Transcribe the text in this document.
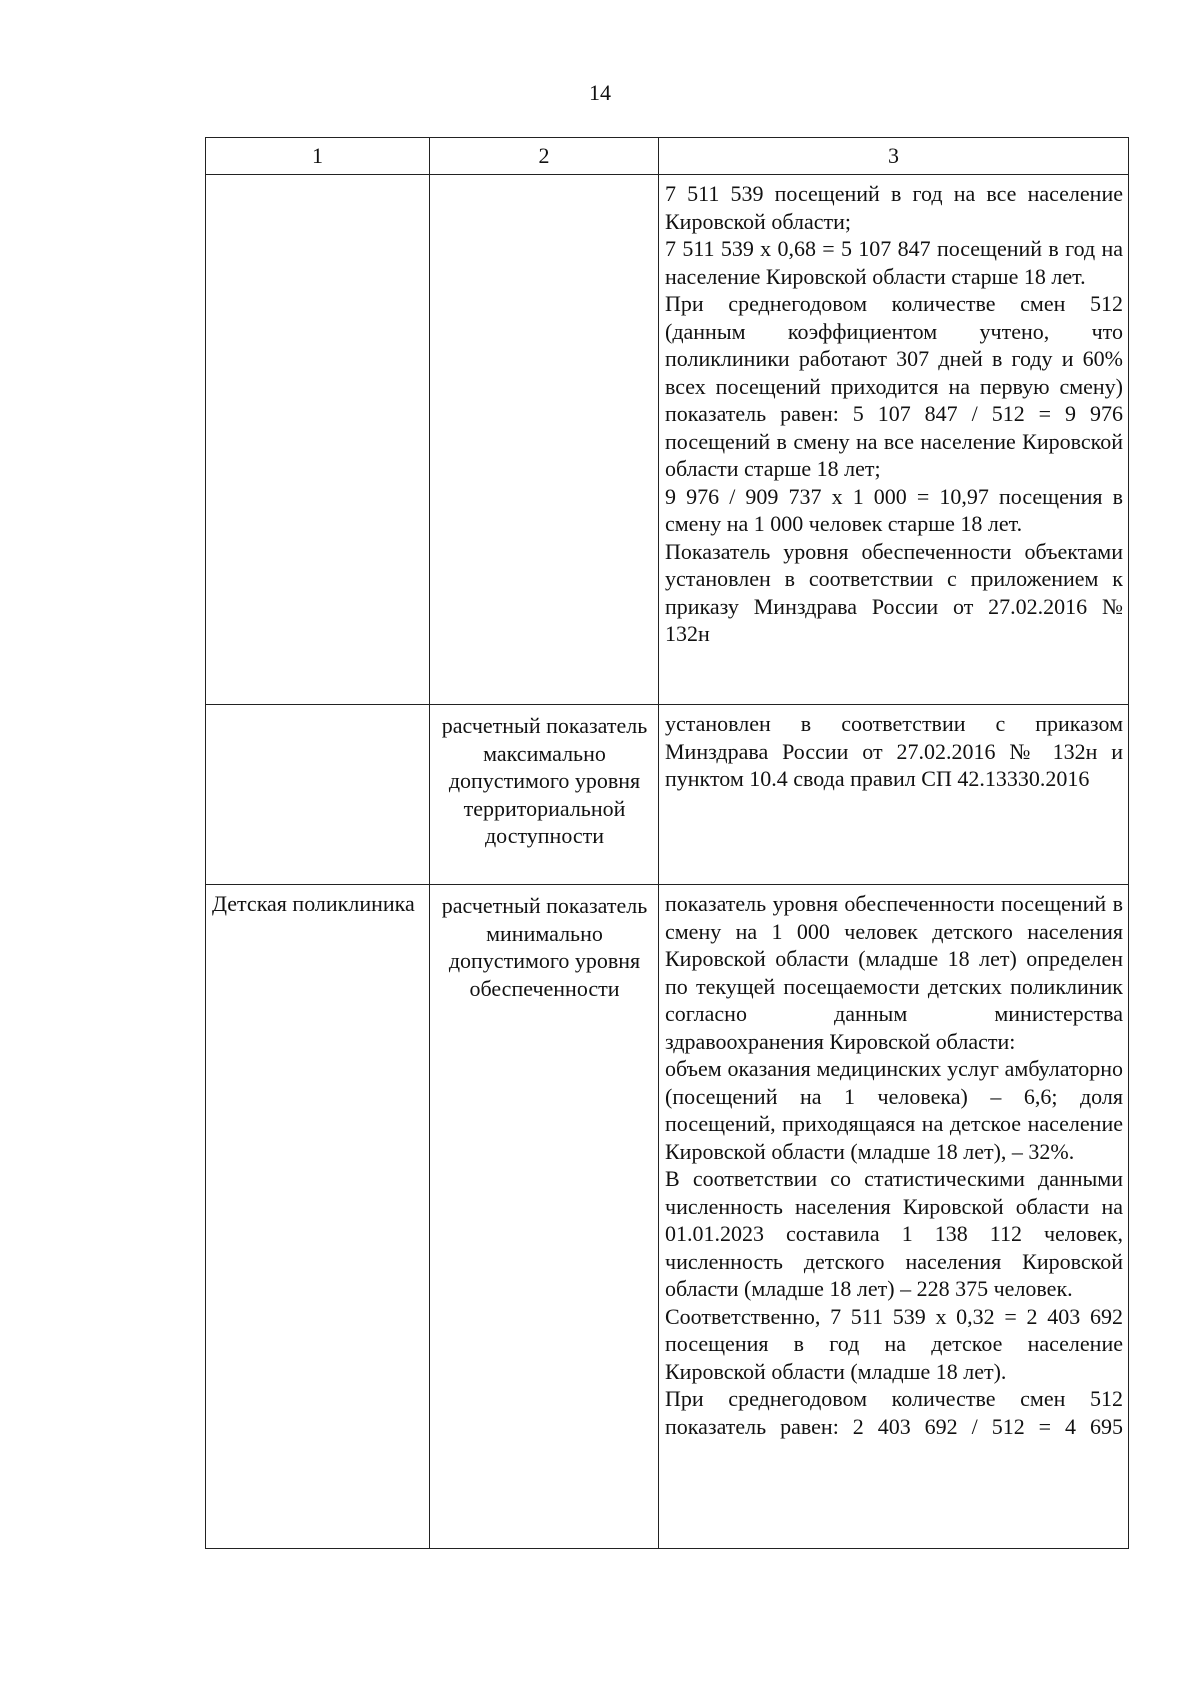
14
1	2	3

		7 511 539 посещений в год на все население Кировской области;

7 511 539 х 0,68 = 5 107 847 посещений в год на население Кировской области старше 18 лет.

При среднегодовом количестве смен 512 (данным коэффициентом учтено, что поликлиники работают 307 дней в году и 60% всех посещений приходится на первую смену) показатель равен: 5 107 847 / 512 = 9 976 посещений в смену на все население Кировской области старше 18 лет;

9 976 / 909 737 х 1 000 = 10,97 посещения в смену на 1 000 человек старше 18 лет.

Показатель уровня обеспеченности объектами установлен в соответствии с приложением к приказу Минздрава России от 27.02.2016 № 132н

	расчетный показатель максимально допустимого уровня территориальной доступности	установлен в соответствии с приказом Минздрава России от 27.02.2016 № 132н и пунктом 10.4 свода правил СП 42.13330.2016

Детская поликлиника	расчетный показатель минимально допустимого уровня обеспеченности	показатель уровня обеспеченности посещений в смену на 1 000 человек детского населения Кировской области (младше 18 лет) определен по текущей посещаемости детских поликлиник согласно данным министерства здравоохранения Кировской области:

объем оказания медицинских услуг амбулаторно (посещений на 1 человека) – 6,6; доля посещений, приходящаяся на детское население Кировской области (младше 18 лет), – 32%.

В соответствии со статистическими данными численность населения Кировской области на 01.01.2023 составила 1 138 112 человек, численность детского населения Кировской области (младше 18 лет) – 228 375 человек.

Соответственно, 7 511 539 х 0,32 = 2 403 692 посещения в год на детское население Кировской области (младше 18 лет).

При среднегодовом количестве смен 512 показатель равен: 2 403 692 / 512 = 4 695
